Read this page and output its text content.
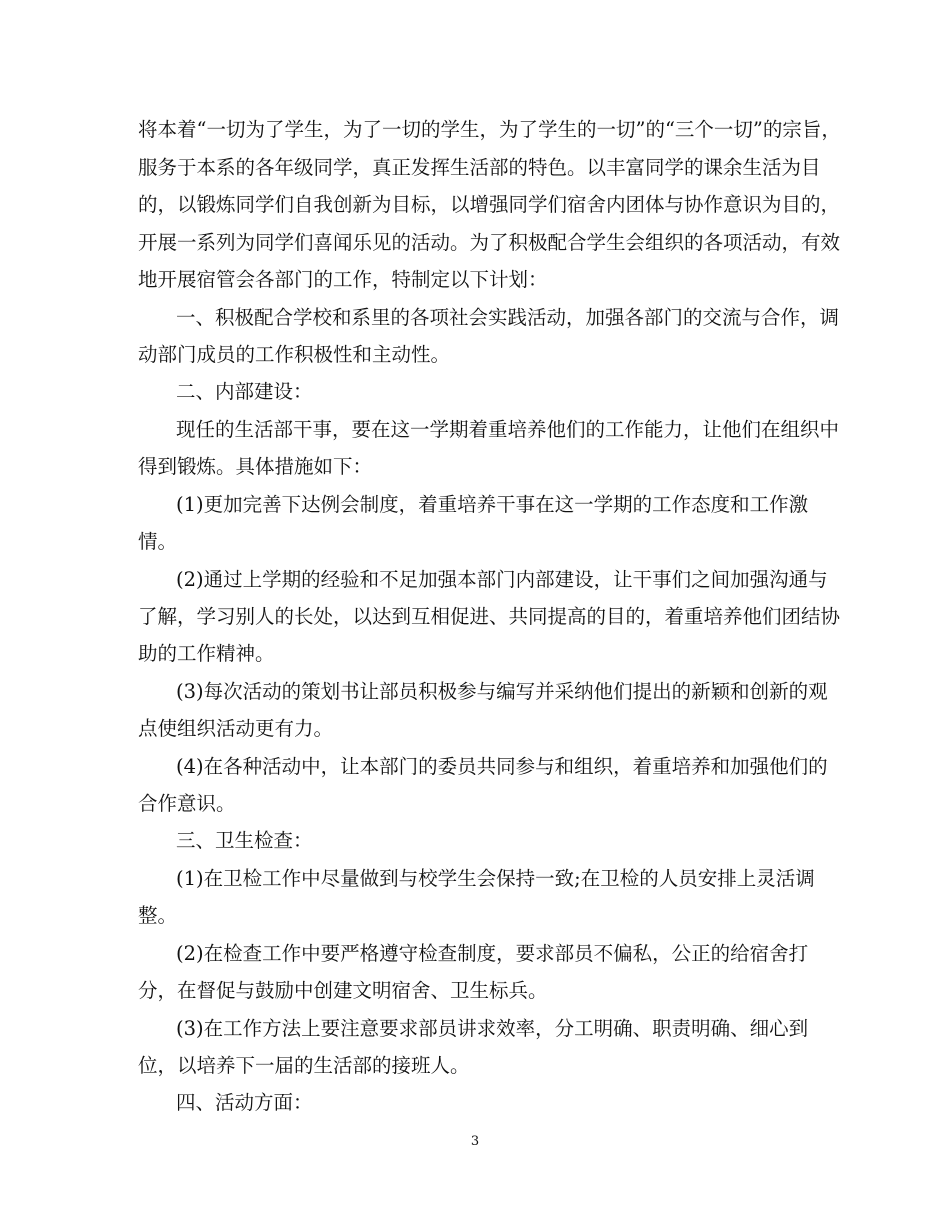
将本着“一切为了学生，为了一切的学生，为了学生的一切”的“三个一切”的宗旨，
服务于本系的各年级同学，真正发挥生活部的特色。以丰富同学的课余生活为目
的，以锻炼同学们自我创新为目标，以增强同学们宿舍内团体与协作意识为目的，
开展一系列为同学们喜闻乐见的活动。为了积极配合学生会组织的各项活动，有效
地开展宿管会各部门的工作，特制定以下计划：
一、积极配合学校和系里的各项社会实践活动，加强各部门的交流与合作，调
动部门成员的工作积极性和主动性。
二、内部建设：
现任的生活部干事，要在这一学期着重培养他们的工作能力，让他们在组织中
得到锻炼。具体措施如下：
(1)更加完善下达例会制度，着重培养干事在这一学期的工作态度和工作激
情。
(2)通过上学期的经验和不足加强本部门内部建设，让干事们之间加强沟通与
了解，学习别人的长处，以达到互相促进、共同提高的目的，着重培养他们团结协
助的工作精神。
(3)每次活动的策划书让部员积极参与编写并采纳他们提出的新颖和创新的观
点使组织活动更有力。
(4)在各种活动中，让本部门的委员共同参与和组织，着重培养和加强他们的
合作意识。
三、卫生检查：
(1)在卫检工作中尽量做到与校学生会保持一致;在卫检的人员安排上灵活调
整。
(2)在检查工作中要严格遵守检查制度，要求部员不偏私，公正的给宿舍打
分，在督促与鼓励中创建文明宿舍、卫生标兵。
(3)在工作方法上要注意要求部员讲求效率，分工明确、职责明确、细心到
位，以培养下一届的生活部的接班人。
四、活动方面：
3
